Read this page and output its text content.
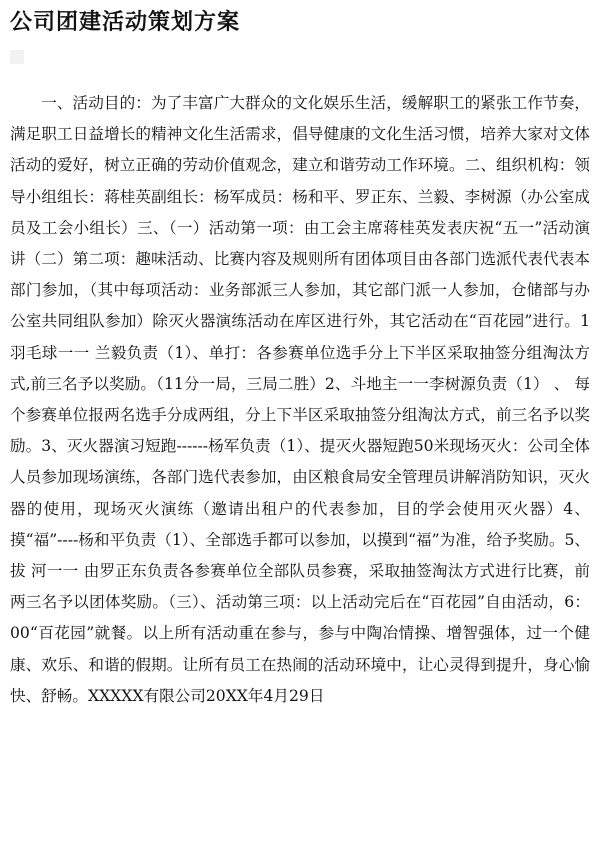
公司团建活动策划方案

一、活动目的：为了丰富广大群众的文化娱乐生活，缓解职工的紧张工作节奏，满足职工日益增长的精神文化生活需求，倡导健康的文化生活习惯，培养大家对文体活动的爱好，树立正确的劳动价值观念，建立和谐劳动工作环境。二、组织机构：领导小组组长：蒋桂英副组长：杨军成员：杨和平、罗正东、兰毅、李树源（办公室成员及工会小组长）三、（一）活动第一项：由工会主席蒋桂英发表庆祝“五一”活动演讲（二）第二项：趣味活动、比赛内容及规则所有团体项目由各部门选派代表代表本部门参加，（其中每项活动：业务部派三人参加，其它部门派一人参加，仓储部与办公室共同组队参加）除灭火器演练活动在库区进行外，其它活动在“百花园”进行。1羽毛球一一 兰毅负责（1）、单打：各参赛单位选手分上下半区采取抽签分组淘汰方式,前三名予以奖励。（11分一局，三局二胜）2、斗地主一一李树源负责（1） 、 每个参赛单位报两名选手分成两组，分上下半区采取抽签分组淘汰方式，前三名予以奖励。3、灭火器演习短跑------杨军负责（1）、提灭火器短跑50米现场灭火：公司全体人员参加现场演练，各部门选代表参加，由区粮食局安全管理员讲解消防知识，灭火器的使用，现场灭火演练（邀请出租户的代表参加，目的学会使用灭火器）4、摸“福”----杨和平负责（1）、全部选手都可以参加，以摸到“福”为准，给予奖励。5、拔 河一一 由罗正东负责各参赛单位全部队员参赛，采取抽签淘汰方式进行比赛，前两三名予以团体奖励。（三）、活动第三项：以上活动完后在“百花园”自由活动，6：00“百花园”就餐。以上所有活动重在参与，参与中陶冶情操、增智强体，过一个健康、欢乐、和谐的假期。让所有员工在热闹的活动环境中，让心灵得到提升，身心愉快、舒畅。XXXXX有限公司20XX年4月29日
